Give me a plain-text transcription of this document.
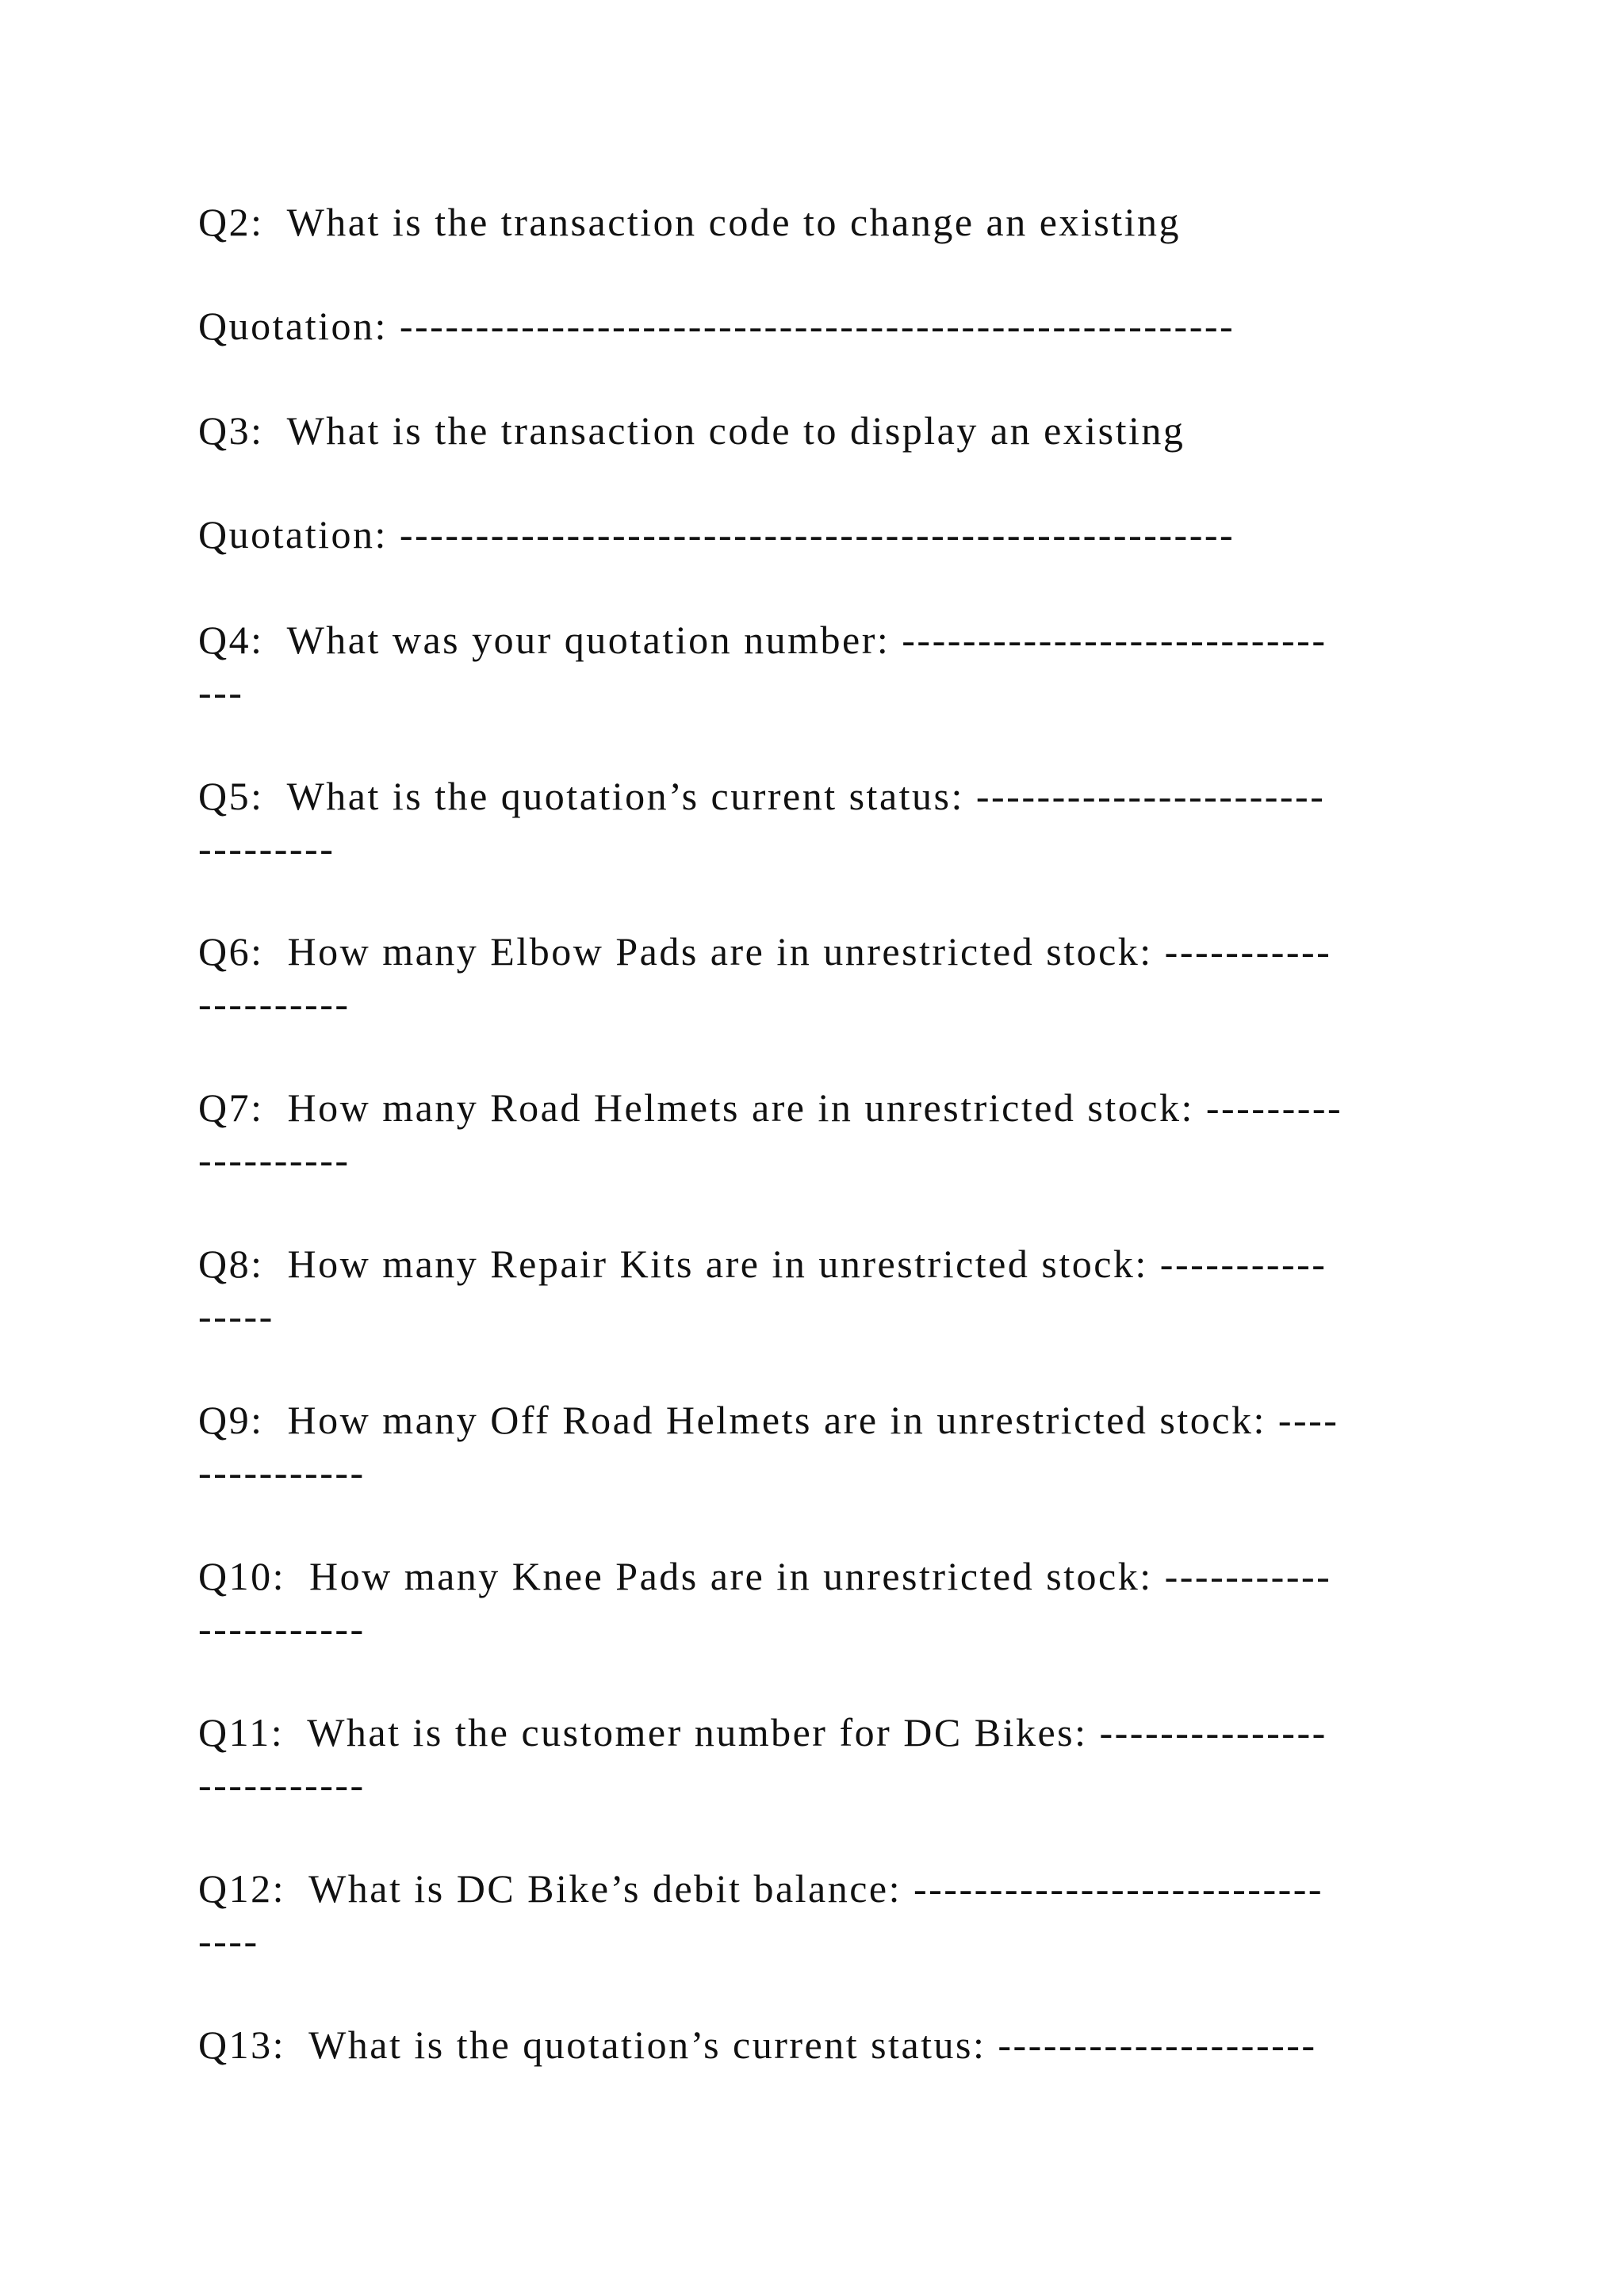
Q2:  What is the transaction code to change an existing

Quotation: -------------------------------------------------------

Q3:  What is the transaction code to display an existing

Quotation: -------------------------------------------------------

Q4:  What was your quotation number: ----------------------------
---

Q5:  What is the quotation’s current status: -----------------------
---------

Q6:  How many Elbow Pads are in unrestricted stock: -----------
----------

Q7:  How many Road Helmets are in unrestricted stock: ---------
----------

Q8:  How many Repair Kits are in unrestricted stock: -----------
-----

Q9:  How many Off Road Helmets are in unrestricted stock: ----
-----------

Q10:  How many Knee Pads are in unrestricted stock: -----------
-----------

Q11:  What is the customer number for DC Bikes: ---------------
-----------

Q12:  What is DC Bike’s debit balance: ---------------------------
----

Q13:  What is the quotation’s current status: ---------------------
